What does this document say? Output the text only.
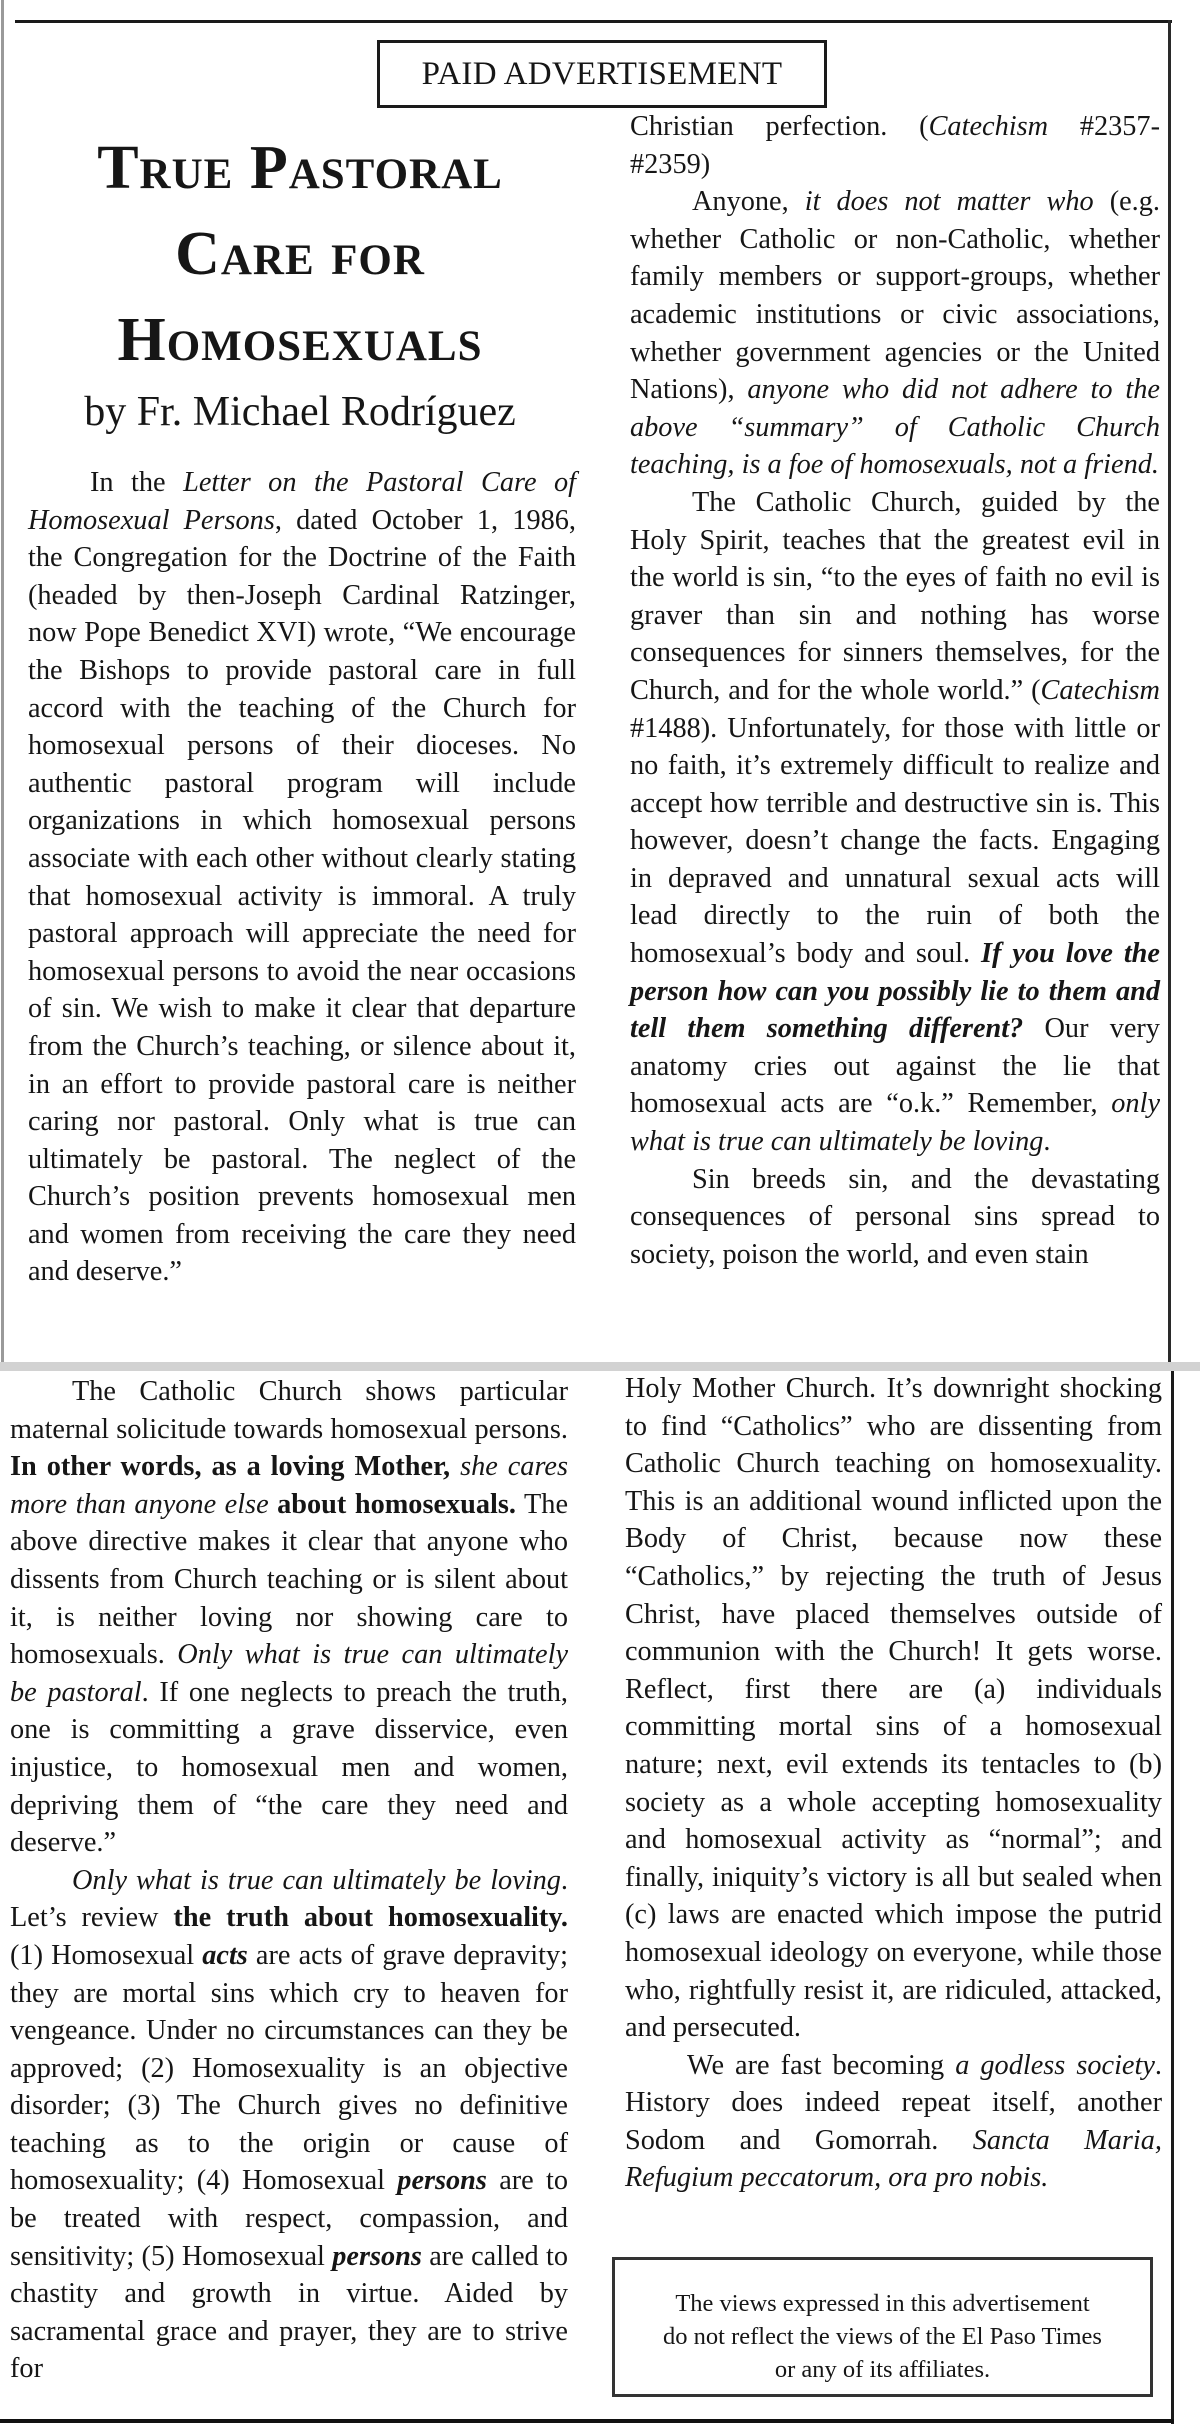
PAID ADVERTISEMENT
True Pastoral
Care for
Homosexuals
by Fr. Michael Rodríguez

In the Letter on the Pastoral Care of Homosexual Persons, dated October 1, 1986, the Congregation for the Doctrine of the Faith (headed by then-Joseph Cardinal Ratzinger, now Pope Benedict XVI) wrote, “We encourage the Bishops to provide pastoral care in full accord with the teaching of the Church for homosexual persons of their dioceses. No authentic pastoral program will include organizations in which homosexual persons associate with each other without clearly stating that homosexual activity is immoral. A truly pastoral approach will appreciate the need for homosexual persons to avoid the near occasions of sin. We wish to make it clear that departure from the Church’s teaching, or silence about it, in an effort to provide pastoral care is neither caring nor pastoral. Only what is true can ultimately be pastoral. The neglect of the Church’s position prevents homosexual men and women from receiving the care they need and deserve.”

The Catholic Church shows particular maternal solicitude towards homosexual persons. In other words, as a loving Mother, she cares more than anyone else about homosexuals. The above directive makes it clear that anyone who dissents from Church teaching or is silent about it, is neither loving nor showing care to homosexuals. Only what is true can ultimately be pastoral. If one neglects to preach the truth, one is committing a grave disservice, even injustice, to homosexual men and women, depriving them of “the care they need and deserve.”

Only what is true can ultimately be loving. Let’s review the truth about homosexuality. (1) Homosexual acts are acts of grave depravity; they are mortal sins which cry to heaven for vengeance. Under no circumstances can they be approved; (2) Homosexuality is an objective disorder; (3) The Church gives no definitive teaching as to the origin or cause of homosexuality; (4) Homosexual persons are to be treated with respect, compassion, and sensitivity; (5) Homosexual persons are called to chastity and growth in virtue. Aided by sacramental grace and prayer, they are to strive for

Christian perfection. (Catechism #2357-#2359)

Anyone, it does not matter who (e.g. whether Catholic or non-Catholic, whether family members or support-groups, whether academic institutions or civic associations, whether government agencies or the United Nations), anyone who did not adhere to the above “summary” of Catholic Church teaching, is a foe of homosexuals, not a friend.

The Catholic Church, guided by the Holy Spirit, teaches that the greatest evil in the world is sin, “to the eyes of faith no evil is graver than sin and nothing has worse consequences for sinners themselves, for the Church, and for the whole world.” (Catechism #1488). Unfortunately, for those with little or no faith, it’s extremely difficult to realize and accept how terrible and destructive sin is. This however, doesn’t change the facts. Engaging in depraved and unnatural sexual acts will lead directly to the ruin of both the homosexual’s body and soul. If you love the person how can you possibly lie to them and tell them something different? Our very anatomy cries out against the lie that homosexual acts are “o.k.” Remember, only what is true can ultimately be loving.

Sin breeds sin, and the devastating consequences of personal sins spread to society, poison the world, and even stain

Holy Mother Church. It’s downright shocking to find “Catholics” who are dissenting from Catholic Church teaching on homosexuality. This is an additional wound inflicted upon the Body of Christ, because now these “Catholics,” by rejecting the truth of Jesus Christ, have placed themselves outside of communion with the Church! It gets worse. Reflect, first there are (a) individuals committing mortal sins of a homosexual nature; next, evil extends its tentacles to (b) society as a whole accepting homosexuality and homosexual activity as “normal”; and finally, iniquity’s victory is all but sealed when (c) laws are enacted which impose the putrid homosexual ideology on everyone, while those who, rightfully resist it, are ridiculed, attacked, and persecuted.

We are fast becoming a godless society. History does indeed repeat itself, another Sodom and Gomorrah. Sancta Maria, Refugium peccatorum, ora pro nobis.

The views expressed in this advertisement
do not reflect the views of the El Paso Times
or any of its affiliates.
